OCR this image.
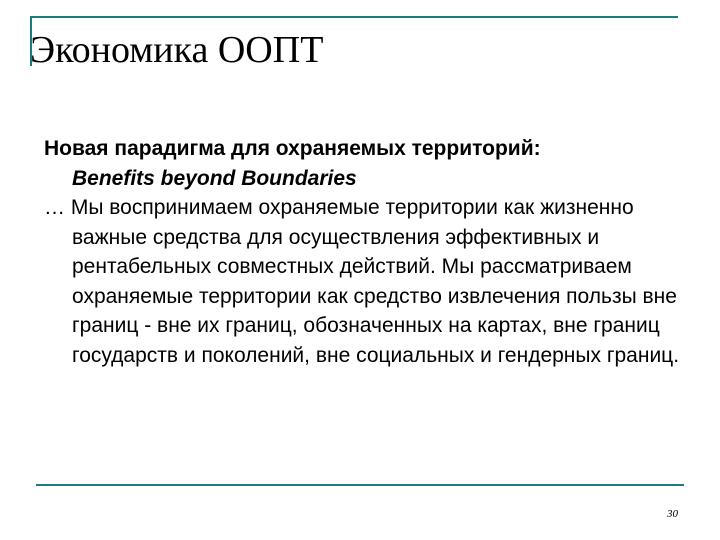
Экономика ООПТ

Новая парадигма для охраняемых территорий:
Benefits beyond Boundaries

… Мы воспринимаем охраняемые территории как жизненно важные средства для осуществления эффективных и рентабельных совместных действий. Мы рассматриваем охраняемые территории как средство извлечения пользы вне границ - вне их границ, обозначенных на картах, вне границ государств и поколений, вне социальных и гендерных границ.

30
